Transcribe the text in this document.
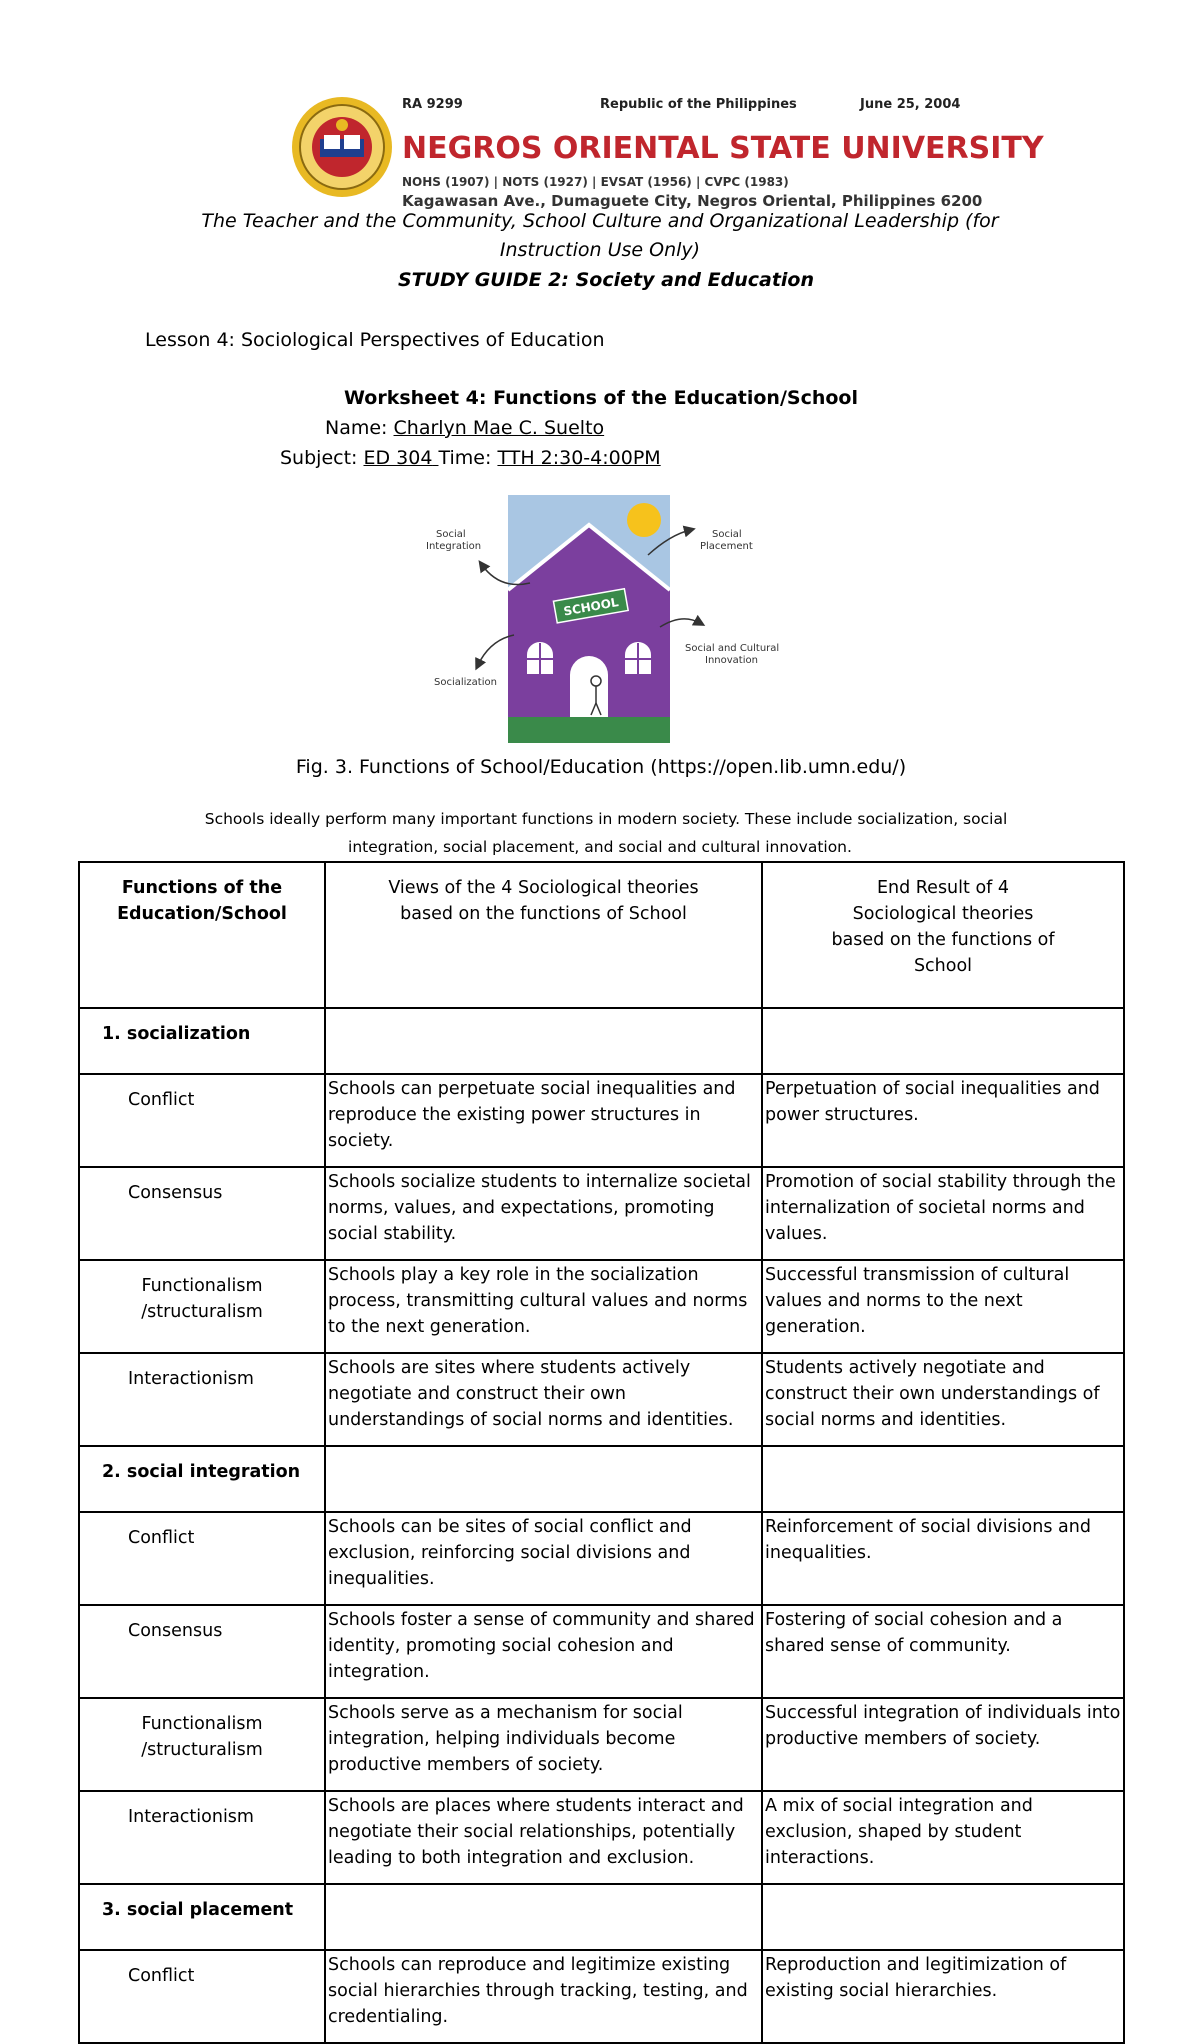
RA 9299	Republic of the Philippines	June 25, 2004
NEGROS ORIENTAL STATE UNIVERSITY
NOHS (1907) | NOTS (1927) | EVSAT (1956) | CVPC (1983)
Kagawasan Ave., Dumaguete City, Negros Oriental, Philippines 6200
The Teacher and the Community, School Culture and Organizational Leadership (for
Instruction Use Only)
STUDY GUIDE 2: Society and Education
Lesson 4: Sociological Perspectives of Education
Worksheet 4: Functions of the Education/School
Name: Charlyn Mae C. Suelto
Subject: ED 304 Time: TTH 2:30-4:00PM
SCHOOL
Social Integration
Social Placement
Socialization
Social and Cultural Innovation
Fig. 3. Functions of School/Education (https://open.lib.umn.edu/)
Schools ideally perform many important functions in modern society. These include socialization, social
integration, social placement, and social and cultural innovation.
Functions of the
Education/School	Views of the 4 Sociological theories
based on the functions of School	End Result of 4
Sociological theories
based on the functions of
School
1. socialization		
Conflict	Schools can perpetuate social inequalities and reproduce the existing power structures in society.	Perpetuation of social inequalities and power structures.
Consensus	Schools socialize students to internalize societal norms, values, and expectations, promoting social stability.	Promotion of social stability through the internalization of societal norms and values.
Functionalism
/structuralism	Schools play a key role in the socialization process, transmitting cultural values and norms to the next generation.	Successful transmission of cultural values and norms to the next generation.
Interactionism	Schools are sites where students actively negotiate and construct their own understandings of social norms and identities.	Students actively negotiate and construct their own understandings of social norms and identities.
2. social integration		
Conflict	Schools can be sites of social conflict and exclusion, reinforcing social divisions and inequalities.	Reinforcement of social divisions and inequalities.
Consensus	Schools foster a sense of community and shared identity, promoting social cohesion and integration.	Fostering of social cohesion and a shared sense of community.
Functionalism
/structuralism	Schools serve as a mechanism for social integration, helping individuals become productive members of society.	Successful integration of individuals into productive members of society.
Interactionism	Schools are places where students interact and negotiate their social relationships, potentially leading to both integration and exclusion.	A mix of social integration and exclusion, shaped by student interactions.
3. social placement		
Conflict	Schools can reproduce and legitimize existing social hierarchies through tracking, testing, and credentialing.	Reproduction and legitimization of existing social hierarchies.
